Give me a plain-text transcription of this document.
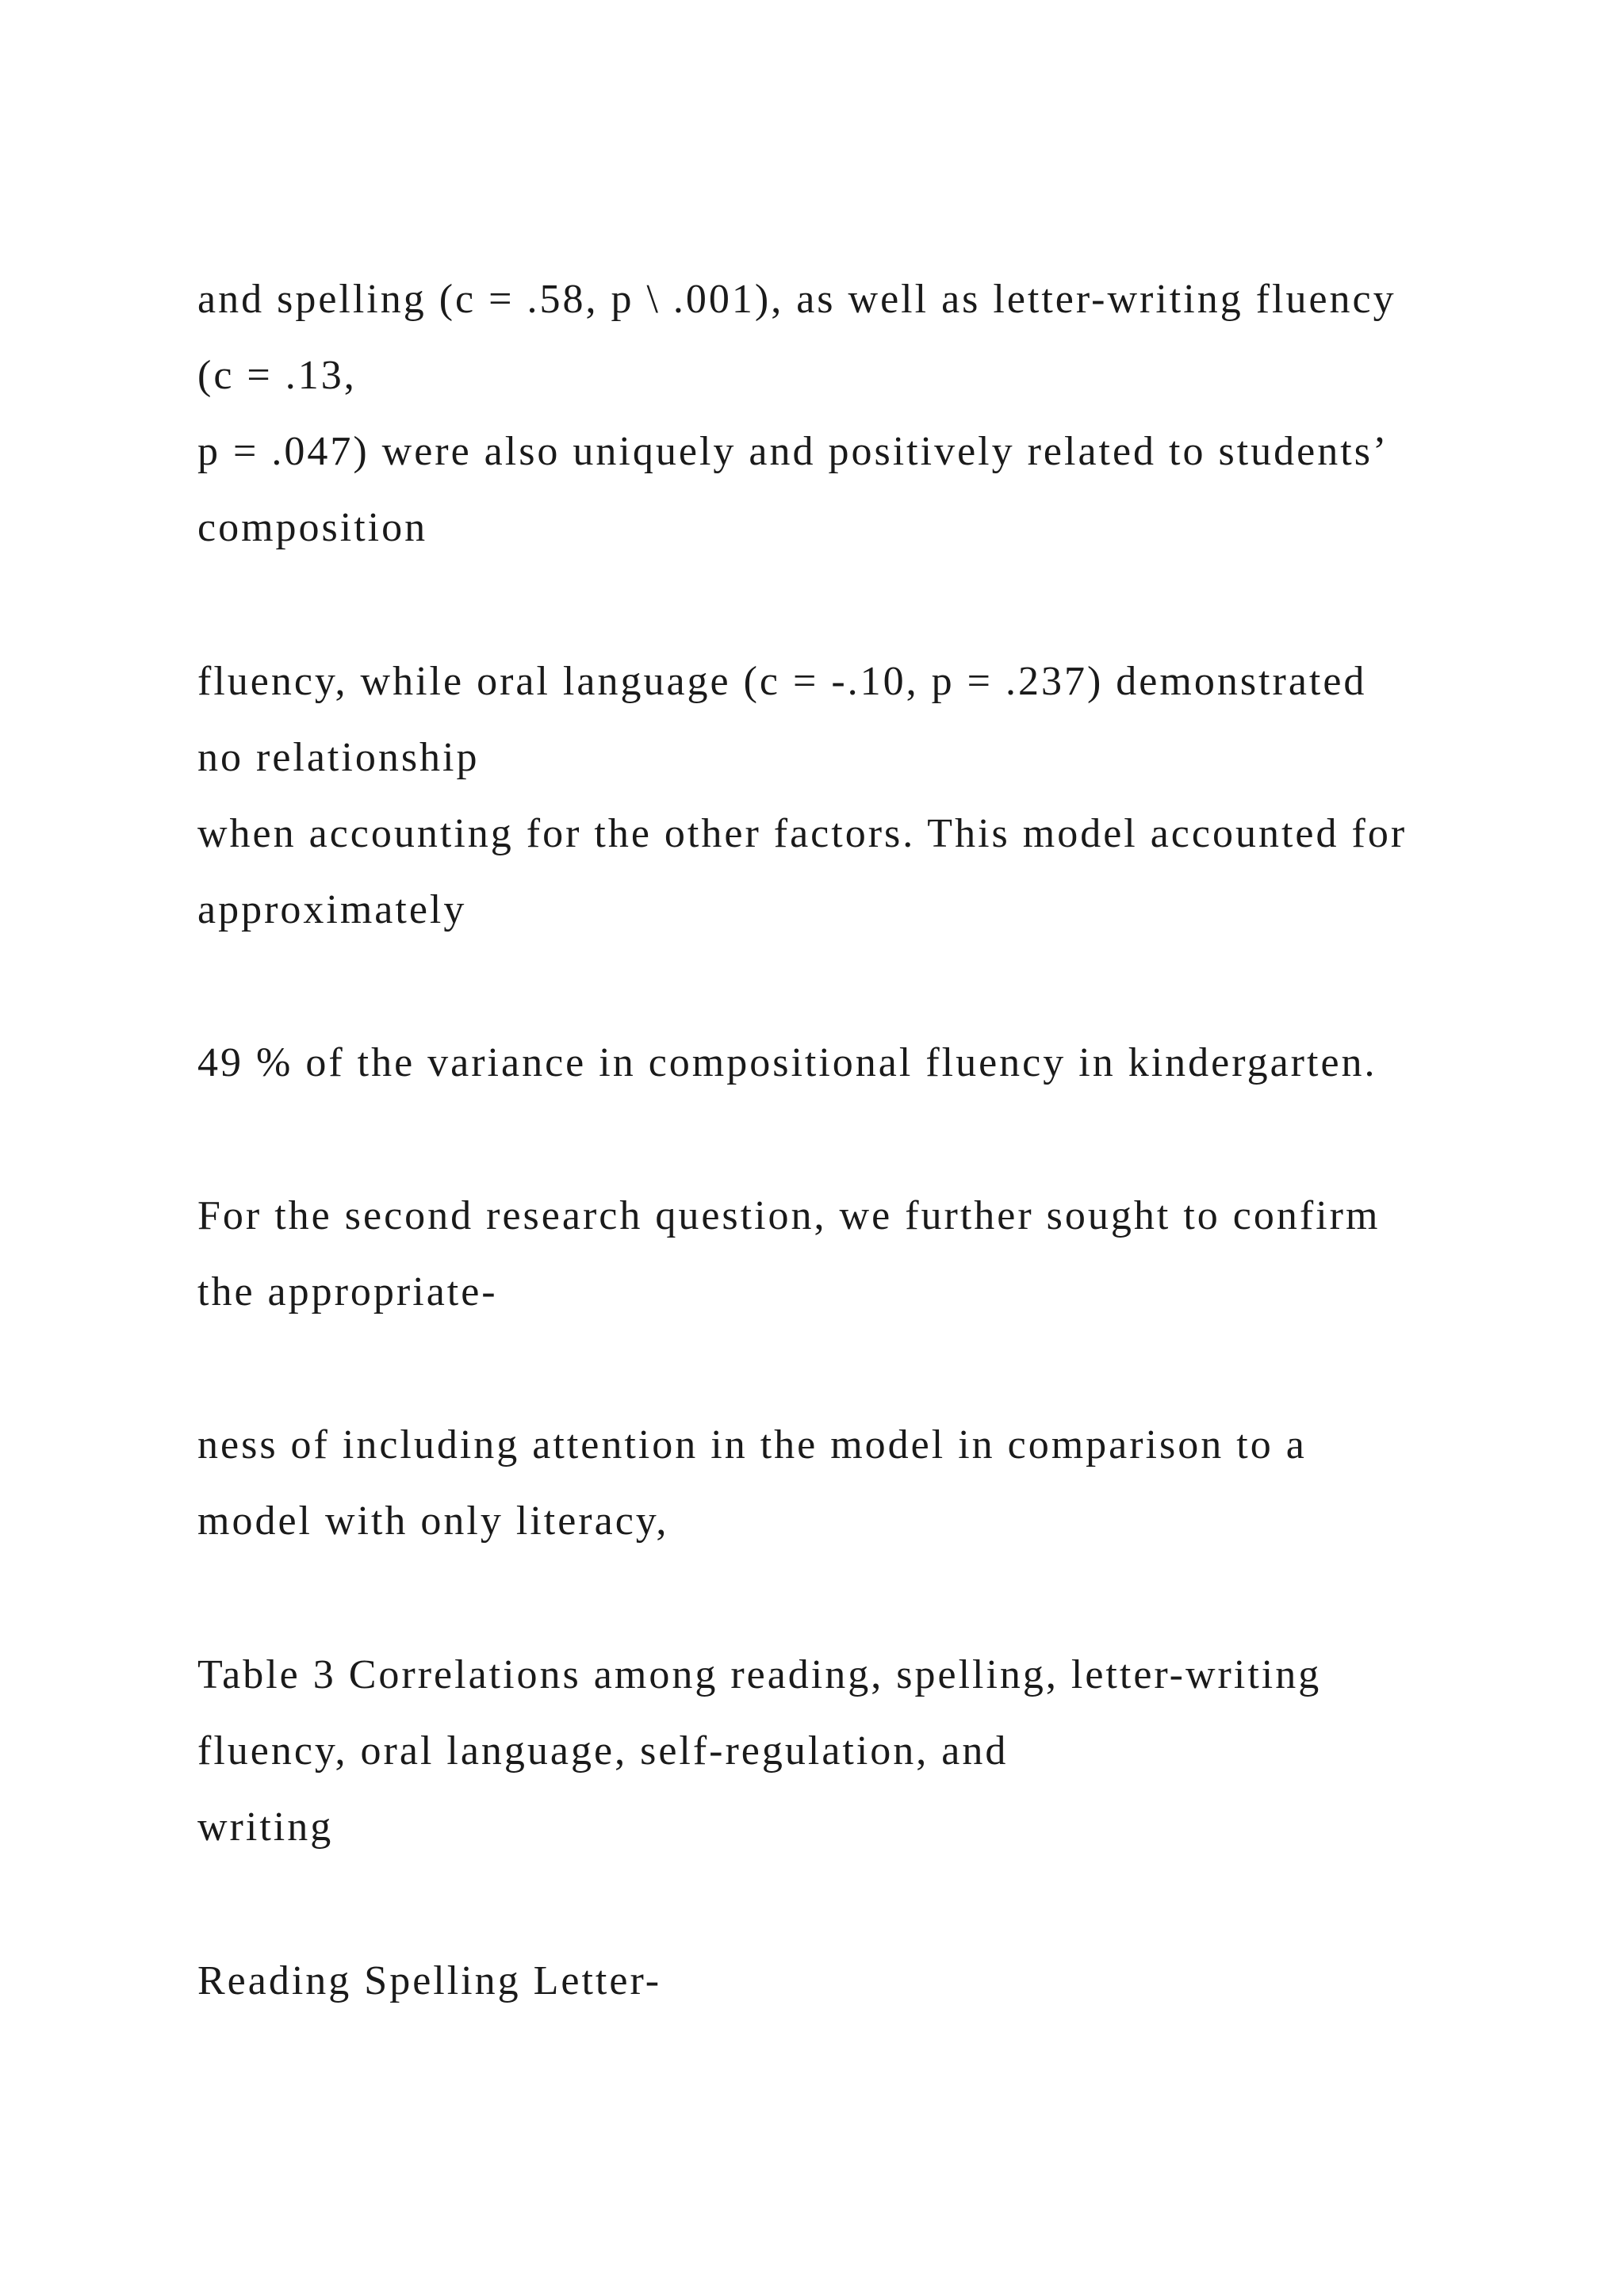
and spelling (c = .58, p \ .001), as well as letter-writing fluency

(c = .13,

p = .047) were also uniquely and positively related to students’

composition

fluency, while oral language (c = -.10, p = .237) demonstrated

no relationship

when accounting for the other factors. This model accounted for

approximately

49 % of the variance in compositional fluency in kindergarten.

For the second research question, we further sought to confirm

the appropriate-

ness of including attention in the model in comparison to a

model with only literacy,

Table 3 Correlations among reading, spelling, letter-writing

fluency, oral language, self-regulation, and

writing

Reading Spelling Letter-
